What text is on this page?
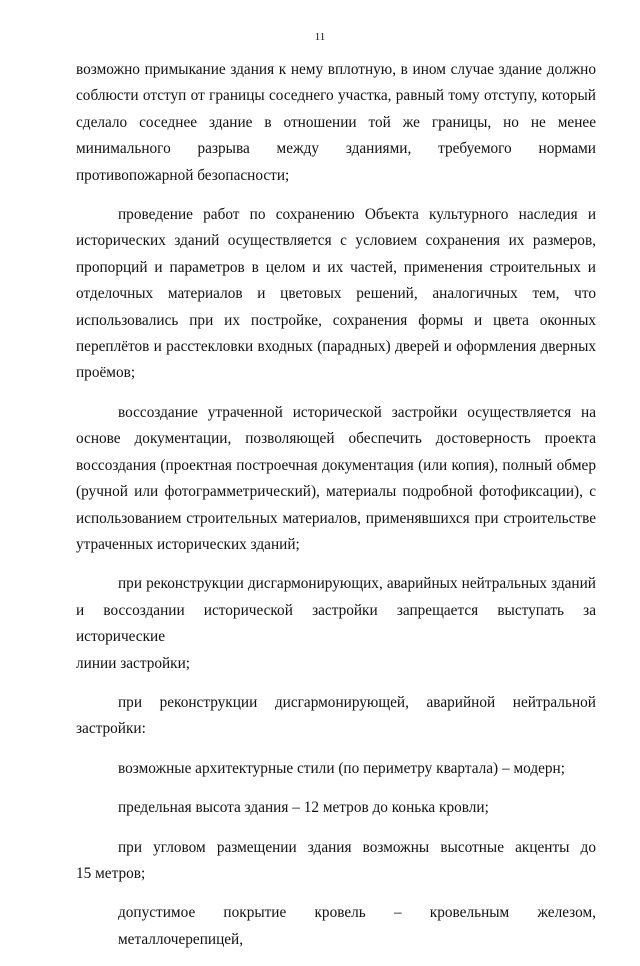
11

возможно примыкание здания к нему вплотную, в ином случае здание должно
соблюсти отступ от границы соседнего участка, равный тому отступу, который
сделало соседнее здание в отношении той же границы, но не менее
минимального разрыва между зданиями, требуемого нормами
противопожарной безопасности;

проведение работ по сохранению Объекта культурного наследия и
исторических зданий осуществляется с условием сохранения их размеров,
пропорций и параметров в целом и их частей, применения строительных и
отделочных материалов и цветовых решений, аналогичных тем, что
использовались при их постройке, сохранения формы и цвета оконных
переплётов и расстекловки входных (парадных) дверей и оформления дверных
проёмов;

воссоздание утраченной исторической застройки осуществляется на
основе документации, позволяющей обеспечить достоверность проекта
воссоздания (проектная построечная документация (или копия), полный обмер
(ручной или фотограмметрический), материалы подробной фотофиксации), с
использованием строительных материалов, применявшихся при строительстве
утраченных исторических зданий;

при реконструкции дисгармонирующих, аварийных нейтральных зданий
и воссоздании исторической застройки запрещается выступать за исторические
линии застройки;

при реконструкции дисгармонирующей, аварийной нейтральной
застройки:

возможные архитектурные стили (по периметру квартала) – модерн;

предельная высота здания – 12 метров до конька кровли;

при угловом размещении здания возможны высотные акценты до
15 метров;

допустимое покрытие кровель – кровельным железом, металлочерепицей,
